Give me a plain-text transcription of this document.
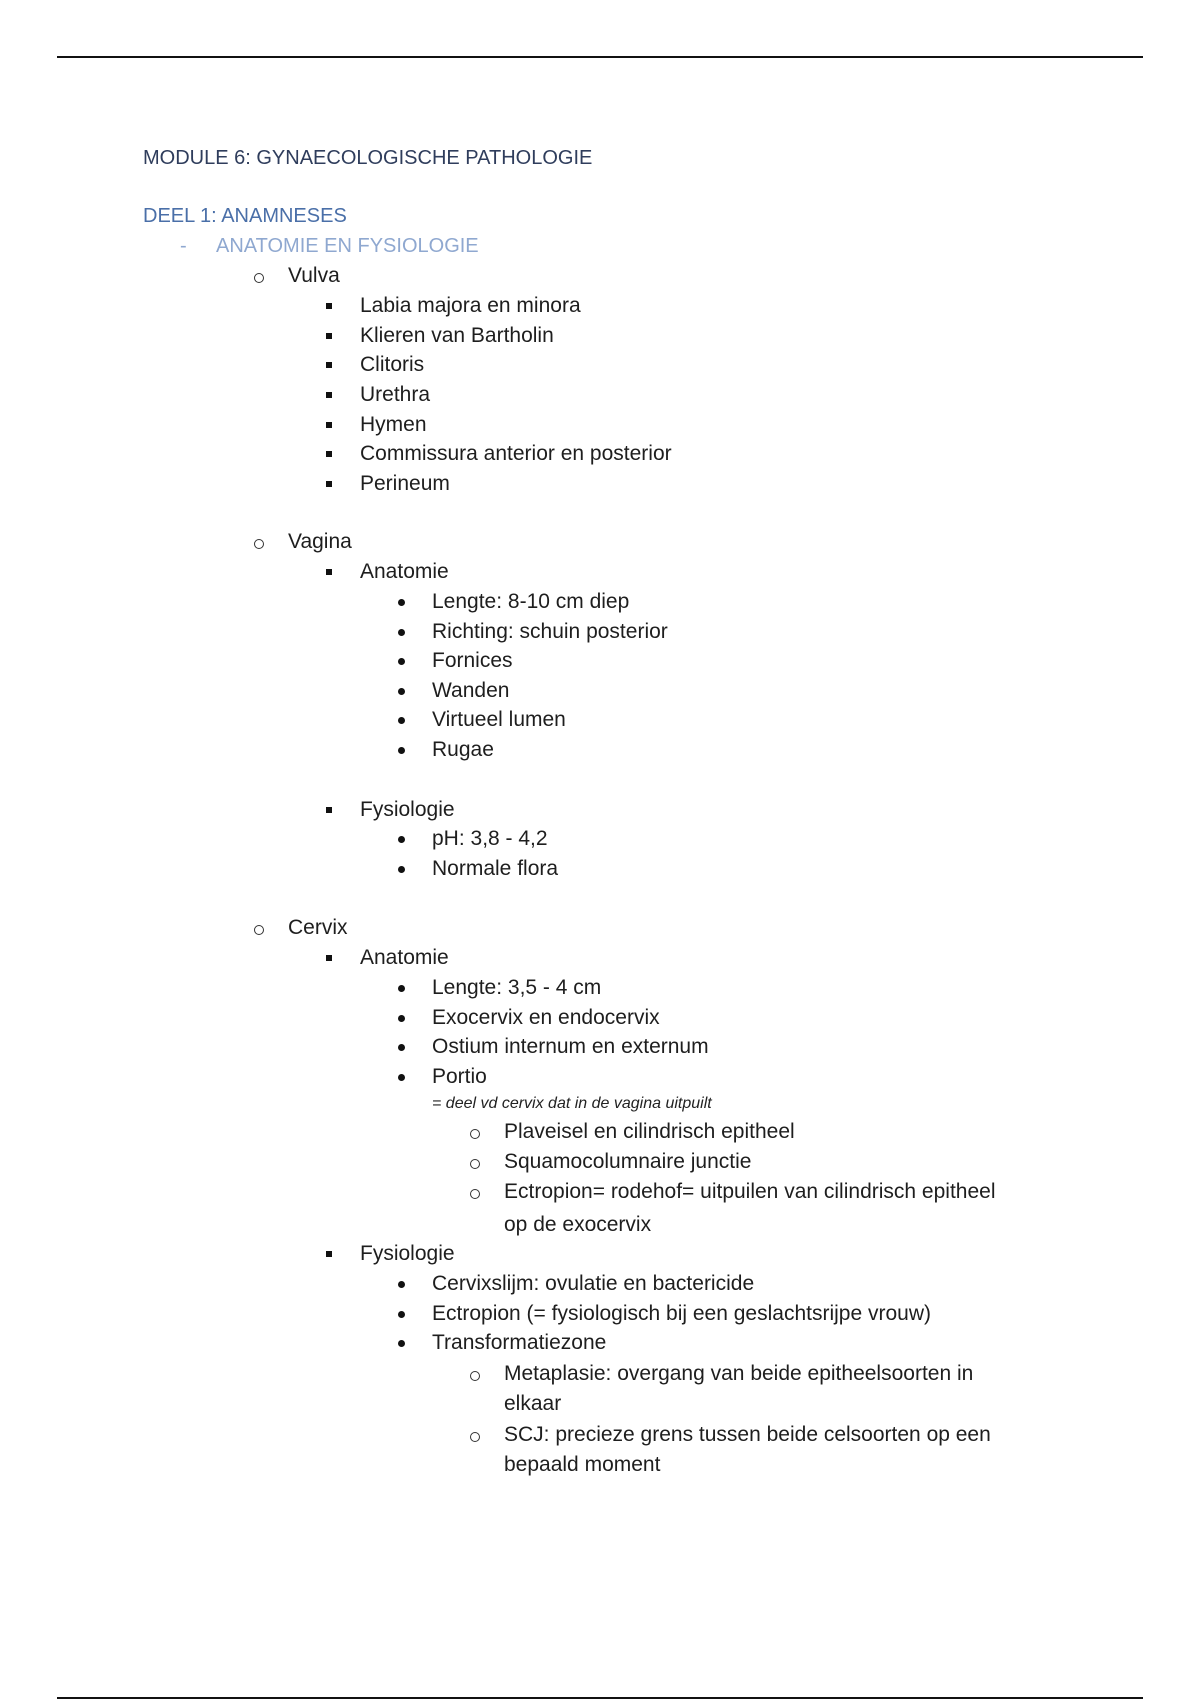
MODULE 6: GYNAECOLOGISCHE PATHOLOGIE
DEEL 1: ANAMNESES
- ANATOMIE EN FYSIOLOGIE
Vulva
Labia majora en minora
Klieren van Bartholin
Clitoris
Urethra
Hymen
Commissura anterior en posterior
Perineum
Vagina
Anatomie
Lengte: 8-10 cm diep
Richting: schuin posterior
Fornices
Wanden
Virtueel lumen
Rugae
Fysiologie
pH: 3,8 - 4,2
Normale flora
Cervix
Anatomie
Lengte: 3,5 - 4 cm
Exocervix en endocervix
Ostium internum en externum
Portio
= deel vd cervix dat in de vagina uitpuilt
Plaveisel en cilindrisch epitheel
Squamocolumnaire junctie
Ectropion= rodehof= uitpuilen van cilindrisch epitheel
op de exocervix
Fysiologie
Cervixslijm: ovulatie en bactericide
Ectropion (= fysiologisch bij een geslachtsrijpe vrouw)
Transformatiezone
Metaplasie: overgang van beide epitheelsoorten in
elkaar
SCJ: precieze grens tussen beide celsoorten op een
bepaald moment
